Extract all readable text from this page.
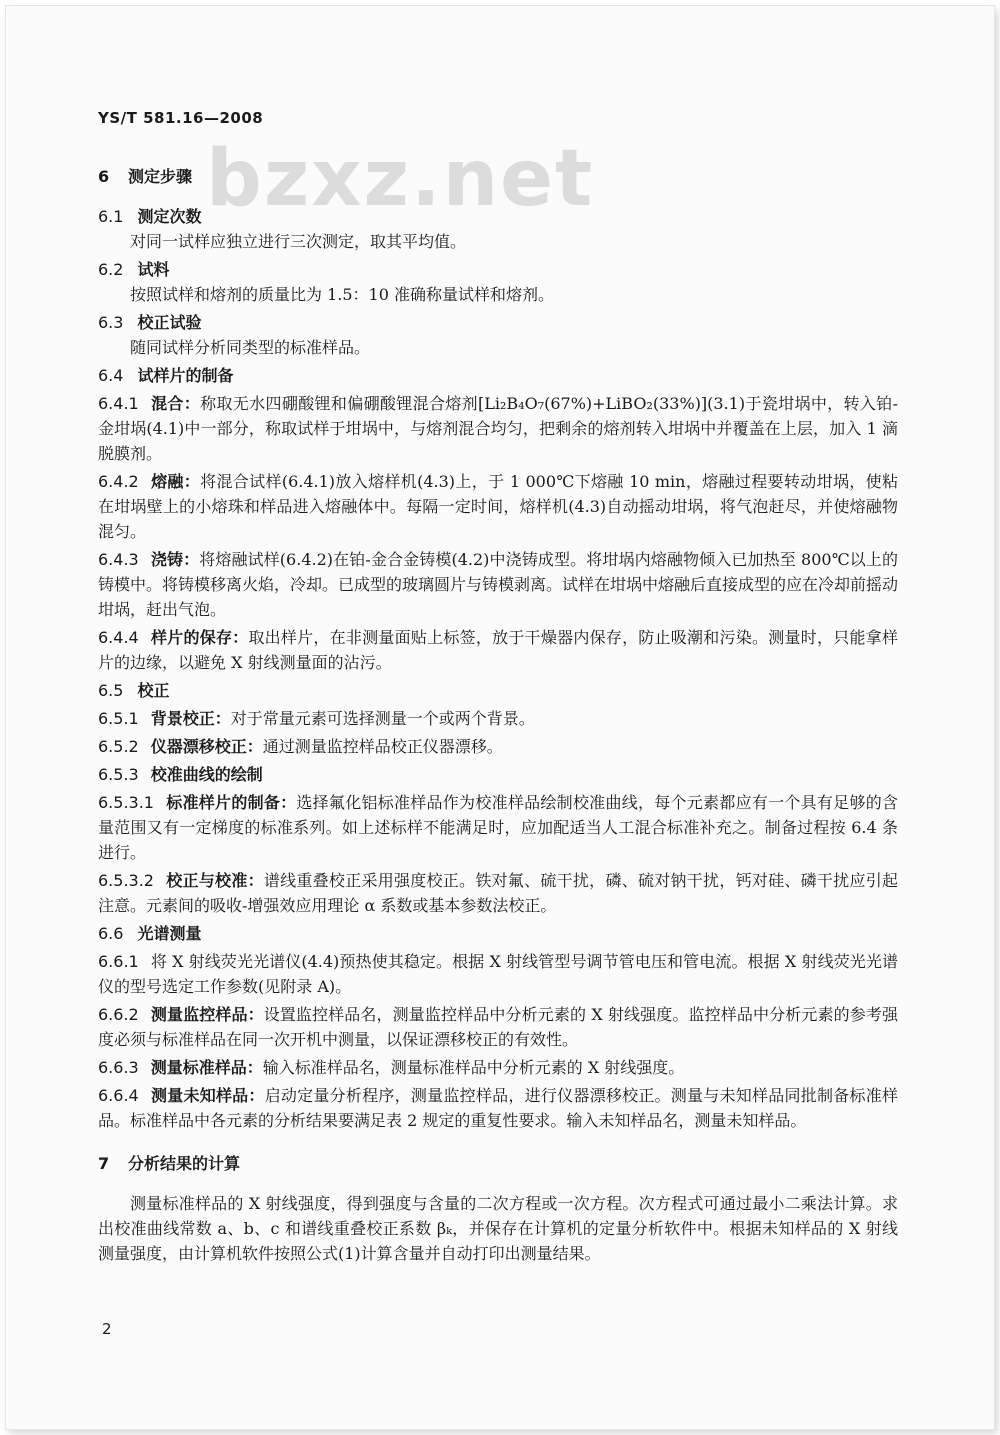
YS/T 581.16—2008
bzxz.net
6 测定步骤
6.1 测定次数

对同一试样应独立进行三次测定，取其平均值。

6.2 试料

按照试样和熔剂的质量比为 1.5：10 准确称量试样和熔剂。

6.3 校正试验

随同试样分析同类型的标准样品。

6.4 试样片的制备

6.4.1 混合：称取无水四硼酸锂和偏硼酸锂混合熔剂[Li₂B₄O₇(67%)+LiBO₂(33%)](3.1)于瓷坩埚中，转入铂-金坩埚(4.1)中一部分，称取试样于坩埚中，与熔剂混合均匀，把剩余的熔剂转入坩埚中并覆盖在上层，加入 1 滴脱膜剂。

6.4.2 熔融：将混合试样(6.4.1)放入熔样机(4.3)上，于 1 000℃下熔融 10 min，熔融过程要转动坩埚，使粘在坩埚壁上的小熔珠和样品进入熔融体中。每隔一定时间，熔样机(4.3)自动摇动坩埚，将气泡赶尽，并使熔融物混匀。

6.4.3 浇铸：将熔融试样(6.4.2)在铂-金合金铸模(4.2)中浇铸成型。将坩埚内熔融物倾入已加热至 800℃以上的铸模中。将铸模移离火焰，冷却。已成型的玻璃圆片与铸模剥离。试样在坩埚中熔融后直接成型的应在冷却前摇动坩埚，赶出气泡。

6.4.4 样片的保存：取出样片，在非测量面贴上标签，放于干燥器内保存，防止吸潮和污染。测量时，只能拿样片的边缘，以避免 X 射线测量面的沾污。

6.5 校正

6.5.1 背景校正：对于常量元素可选择测量一个或两个背景。

6.5.2 仪器漂移校正：通过测量监控样品校正仪器漂移。

6.5.3 校准曲线的绘制

6.5.3.1 标准样片的制备：选择氟化铝标准样品作为校准样品绘制校准曲线，每个元素都应有一个具有足够的含量范围又有一定梯度的标准系列。如上述标样不能满足时，应加配适当人工混合标准补充之。制备过程按 6.4 条进行。

6.5.3.2 校正与校准：谱线重叠校正采用强度校正。铁对氟、硫干扰，磷、硫对钠干扰，钙对硅、磷干扰应引起注意。元素间的吸收-增强效应用理论 α 系数或基本参数法校正。

6.6 光谱测量

6.6.1 将 X 射线荧光光谱仪(4.4)预热使其稳定。根据 X 射线管型号调节管电压和管电流。根据 X 射线荧光光谱仪的型号选定工作参数(见附录 A)。

6.6.2 测量监控样品：设置监控样品名，测量监控样品中分析元素的 X 射线强度。监控样品中分析元素的参考强度必须与标准样品在同一次开机中测量，以保证漂移校正的有效性。

6.6.3 测量标准样品：输入标准样品名，测量标准样品中分析元素的 X 射线强度。

6.6.4 测量未知样品：启动定量分析程序，测量监控样品，进行仪器漂移校正。测量与未知样品同批制备标准样品。标准样品中各元素的分析结果要满足表 2 规定的重复性要求。输入未知样品名，测量未知样品。

7 分析结果的计算

测量标准样品的 X 射线强度，得到强度与含量的二次方程或一次方程。次方程式可通过最小二乘法计算。求出校准曲线常数 a、b、c 和谱线重叠校正系数 βₖ，并保存在计算机的定量分析软件中。根据未知样品的 X 射线测量强度，由计算机软件按照公式(1)计算含量并自动打印出测量结果。

2
